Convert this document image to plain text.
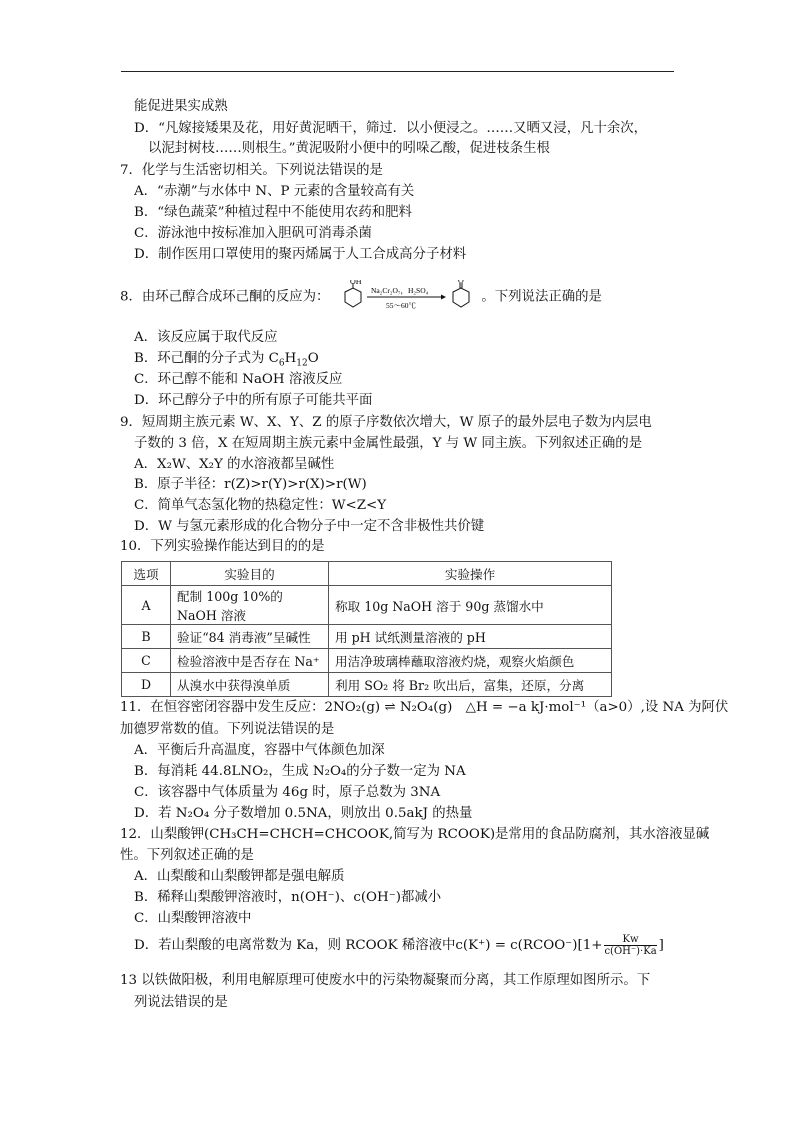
能促进果实成熟
D．“凡嫁接矮果及花，用好黄泥晒干，筛过．以小便浸之。……又晒又浸，凡十余次，
以泥封树枝……则根生。”黄泥吸附小便中的吲哚乙酸，促进枝条生根
7．化学与生活密切相关。下列说法错误的是
A．“赤潮”与水体中 N、P 元素的含量较高有关
B．“绿色蔬菜”种植过程中不能使用农药和肥料
C．游泳池中按标准加入胆矾可消毒杀菌
D．制作医用口罩使用的聚丙烯属于人工合成高分子材料
8．由环己醇合成环己酮的反应为：
OH
Na₂Cr₂O₇，H₂SO₄
55～60℃
O
。下列说法正确的是
A．该反应属于取代反应
B．环己酮的分子式为 $C_6H_{12}O$
C．环己醇不能和 NaOH 溶液反应
D．环己醇分子中的所有原子可能共平面
9．短周期主族元素 W、X、Y、Z 的原子序数依次增大，W 原子的最外层电子数为内层电
子数的 3 倍，X 在短周期主族元素中金属性最强，Y 与 W 同主族。下列叙述正确的是
A．X₂W、X₂Y 的水溶液都呈碱性
B．原子半径：r(Z)>r(Y)>r(X)>r(W)
C．简单气态氢化物的热稳定性：W<Z<Y
D．W 与氢元素形成的化合物分子中一定不含非极性共价键
10．下列实验操作能达到目的的是
选项	实验目的	实验操作
A	配制 100g 10%的 NaOH 溶液	称取 10g NaOH 溶于 90g 蒸馏水中
B	验证“84 消毒液”呈碱性	用 pH 试纸测量溶液的 pH
C	检验溶液中是否存在 Na⁺	用洁净玻璃棒蘸取溶液灼烧，观察火焰颜色
D	从溴水中获得溴单质	利用 SO₂ 将 Br₂ 吹出后，富集，还原，分离
11．在恒容密闭容器中发生反应：2NO₂(g) ⇌ N₂O₄(g)　△H = −a kJ·mol⁻¹（a>0）,设 NA 为阿伏
加德罗常数的值。下列说法错误的是
A．平衡后升高温度，容器中气体颜色加深
B．每消耗 44.8LNO₂，生成 N₂O₄的分子数一定为 NA
C．该容器中气体质量为 46g 时，原子总数为 3NA
D．若 N₂O₄ 分子数增加 0.5NA，则放出 0.5akJ 的热量
12．山梨酸钾(CH₃CH=CHCH=CHCOOK,简写为 RCOOK)是常用的食品防腐剂，其水溶液显碱
性。下列叙述正确的是
A．山梨酸和山梨酸钾都是强电解质
B．稀释山梨酸钾溶液时，n(OH⁻)、c(OH⁻)都减小
C．山梨酸钾溶液中
D．若山梨酸的电离常数为 Ka，则 RCOOK 稀溶液中c(K⁺) = c(RCOO⁻)[1+ $\frac{Kw}{c(OH^-)\cdot Ka}$ ]
13 以铁做阳极，利用电解原理可使废水中的污染物凝聚而分离，其工作原理如图所示。下
列说法错误的是
